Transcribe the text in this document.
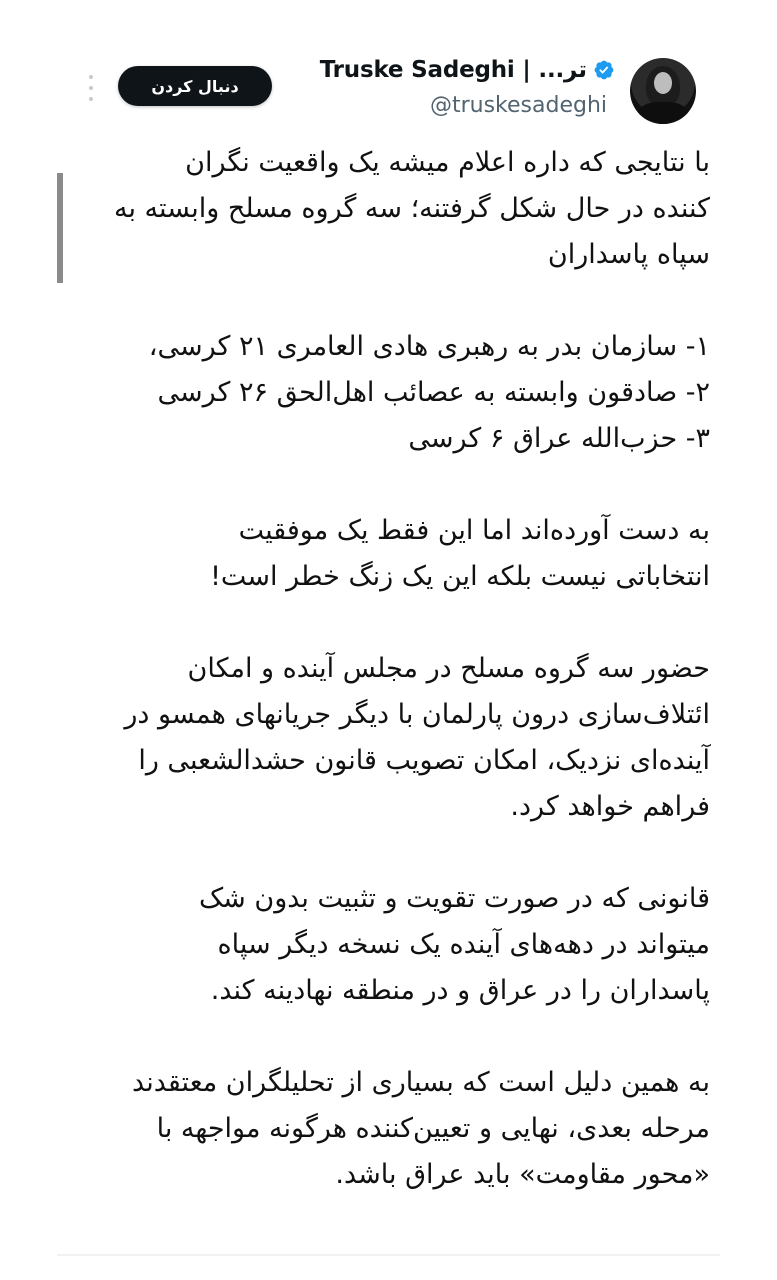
دنبال کردن
Truske Sadeghi | ...تر
@truskesadeghi

با نتایجی که داره اعلام میشه یک واقعیت نگران
کننده در حال شکل گرفتنه؛ سه گروه مسلح وابسته به
سپاه پاسداران

۱- سازمان بدر به رهبری هادی العامری ۲۱ کرسی،
۲- صادقون وابسته به عصائب اهل‌الحق ۲۶ کرسی
۳- حزب‌الله عراق ۶ کرسی

به دست آورده‌اند اما این فقط یک موفقیت
انتخاباتی نیست بلکه این یک زنگ خطر است!

حضور سه گروه مسلح در مجلس آینده و امکان
ائتلاف‌سازی درون پارلمان با دیگر جریانهای همسو در
آینده‌ای نزدیک، امکان تصویب قانون حشدالشعبی را
فراهم خواهد کرد.

قانونی که در صورت تقویت و تثبیت بدون شک
میتواند در دهه‌های آینده یک نسخه دیگر سپاه
پاسداران را در عراق و در منطقه نهادینه کند.

به همین دلیل است که بسیاری از تحلیلگران معتقدند
مرحله بعدی، نهایی و تعیین‌کننده هرگونه مواجهه با
«محور مقاومت» باید عراق باشد.
